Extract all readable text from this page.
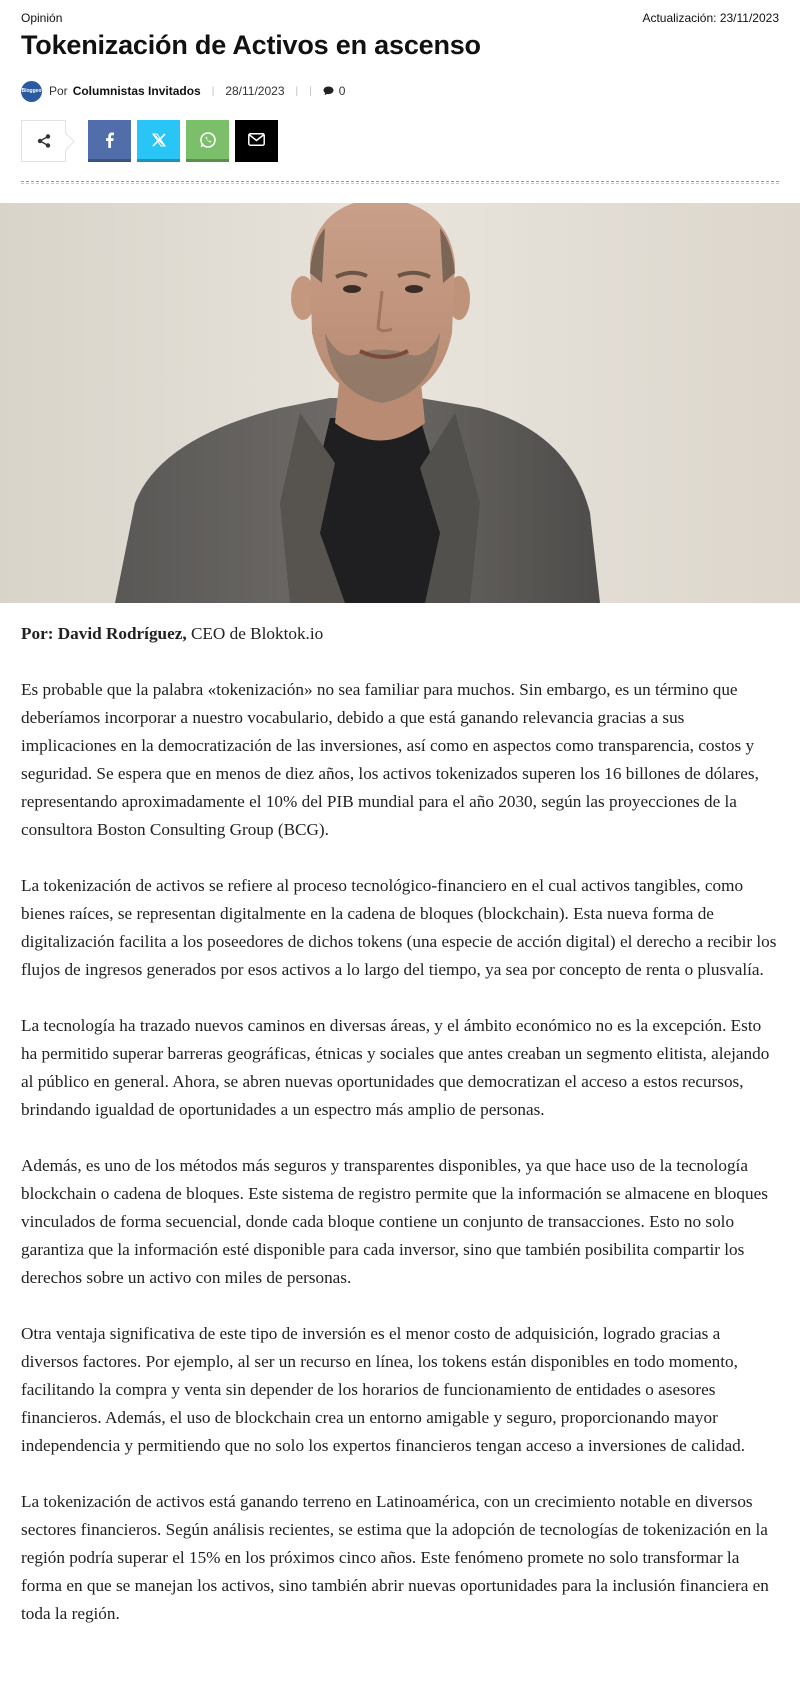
Opinión	Actualización: 23/11/2023
Tokenización de Activos en ascenso
Bloggeo Por Columnistas Invitados | 28/11/2023 | | 0

Por: David Rodríguez, CEO de Bloktok.io

Es probable que la palabra «tokenización» no sea familiar para muchos. Sin embargo, es un término que deberíamos incorporar a nuestro vocabulario, debido a que está ganando relevancia gracias a sus implicaciones en la democratización de las inversiones, así como en aspectos como transparencia, costos y seguridad. Se espera que en menos de diez años, los activos tokenizados superen los 16 billones de dólares, representando aproximadamente el 10% del PIB mundial para el año 2030, según las proyecciones de la consultora Boston Consulting Group (BCG).

La tokenización de activos se refiere al proceso tecnológico-financiero en el cual activos tangibles, como bienes raíces, se representan digitalmente en la cadena de bloques (blockchain). Esta nueva forma de digitalización facilita a los poseedores de dichos tokens (una especie de acción digital) el derecho a recibir los flujos de ingresos generados por esos activos a lo largo del tiempo, ya sea por concepto de renta o plusvalía.

La tecnología ha trazado nuevos caminos en diversas áreas, y el ámbito económico no es la excepción. Esto ha permitido superar barreras geográficas, étnicas y sociales que antes creaban un segmento elitista, alejando al público en general. Ahora, se abren nuevas oportunidades que democratizan el acceso a estos recursos, brindando igualdad de oportunidades a un espectro más amplio de personas.

Además, es uno de los métodos más seguros y transparentes disponibles, ya que hace uso de la tecnología blockchain o cadena de bloques. Este sistema de registro permite que la información se almacene en bloques vinculados de forma secuencial, donde cada bloque contiene un conjunto de transacciones. Esto no solo garantiza que la información esté disponible para cada inversor, sino que también posibilita compartir los derechos sobre un activo con miles de personas.

Otra ventaja significativa de este tipo de inversión es el menor costo de adquisición, logrado gracias a diversos factores. Por ejemplo, al ser un recurso en línea, los tokens están disponibles en todo momento, facilitando la compra y venta sin depender de los horarios de funcionamiento de entidades o asesores financieros. Además, el uso de blockchain crea un entorno amigable y seguro, proporcionando mayor independencia y permitiendo que no solo los expertos financieros tengan acceso a inversiones de calidad.

La tokenización de activos está ganando terreno en Latinoamérica, con un crecimiento notable en diversos sectores financieros. Según análisis recientes, se estima que la adopción de tecnologías de tokenización en la región podría superar el 15% en los próximos cinco años. Este fenómeno promete no solo transformar la forma en que se manejan los activos, sino también abrir nuevas oportunidades para la inclusión financiera en toda la región.
